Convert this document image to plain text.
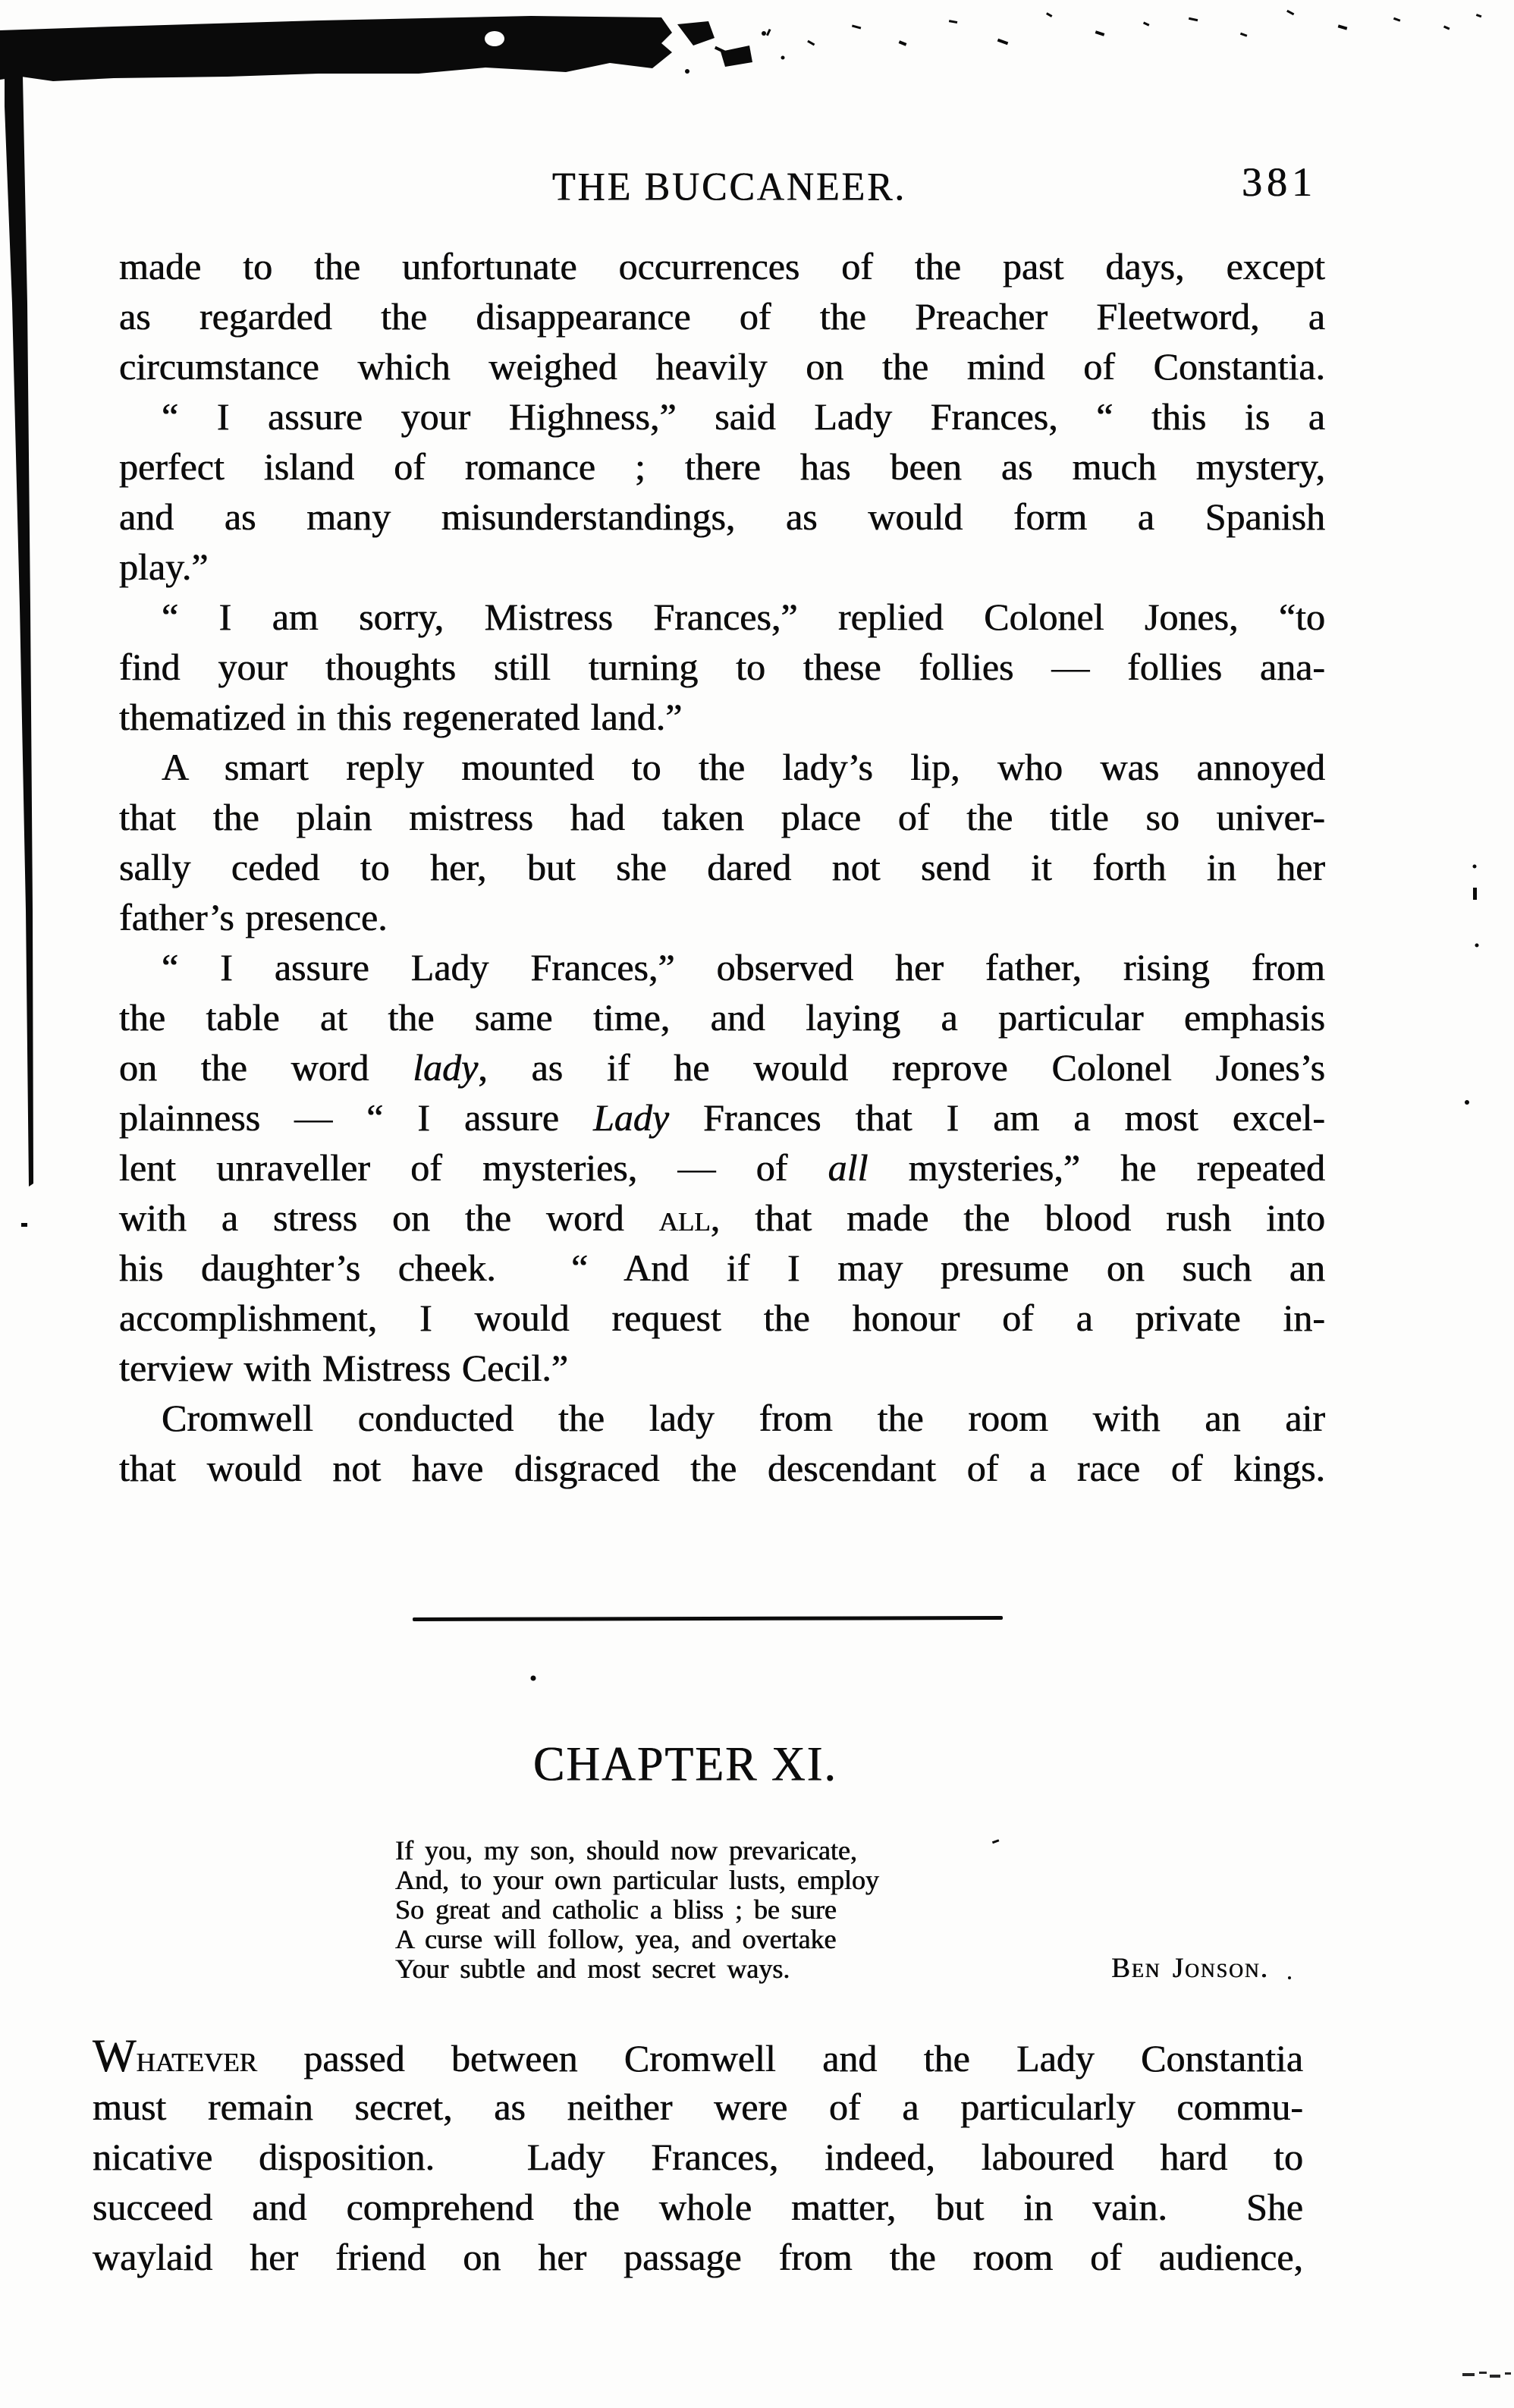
THE BUCCANEER.	381
made to the unfortunate occurrences of the past days, except
as regarded the disappearance of the Preacher Fleetword, a
circumstance which weighed heavily on the mind of Constantia.
“ I assure your Highness,” said Lady Frances, “ this is a
perfect island of romance ; there has been as much mystery,
and as many misunderstandings, as would form a Spanish
play.”
“ I am sorry, Mistress Frances,” replied Colonel Jones, “to
find your thoughts still turning to these follies — follies ana-
thematized in this regenerated land.”
A smart reply mounted to the lady’s lip, who was annoyed
that the plain mistress had taken place of the title so univer-
sally ceded to her, but she dared not send it forth in her
father’s presence.
“ I assure Lady Frances,” observed her father, rising from
the table at the same time, and laying a particular emphasis
on the word lady, as if he would reprove Colonel Jones’s
plainness — “ I assure Lady Frances that I am a most excel-
lent unraveller of mysteries, — of all mysteries,” he repeated
with a stress on the word all, that made the blood rush into
his daughter’s cheek.  “ And if I may presume on such an
accomplishment, I would request the honour of a private in-
terview with Mistress Cecil.”
Cromwell conducted the lady from the room with an air
that would not have disgraced the descendant of a race of kings.
CHAPTER XI.
If you, my son, should now prevaricate,
And, to your own particular lusts, employ
So great and catholic a bliss ; be sure
A curse will follow, yea, and overtake
Your subtle and most secret ways.	Ben Jonson.
Whatever passed between Cromwell and the Lady Constantia
must remain secret, as neither were of a particularly commu-
nicative disposition.  Lady Frances, indeed, laboured hard to
succeed and comprehend the whole matter, but in vain.  She
waylaid her friend on her passage from the room of audience,
